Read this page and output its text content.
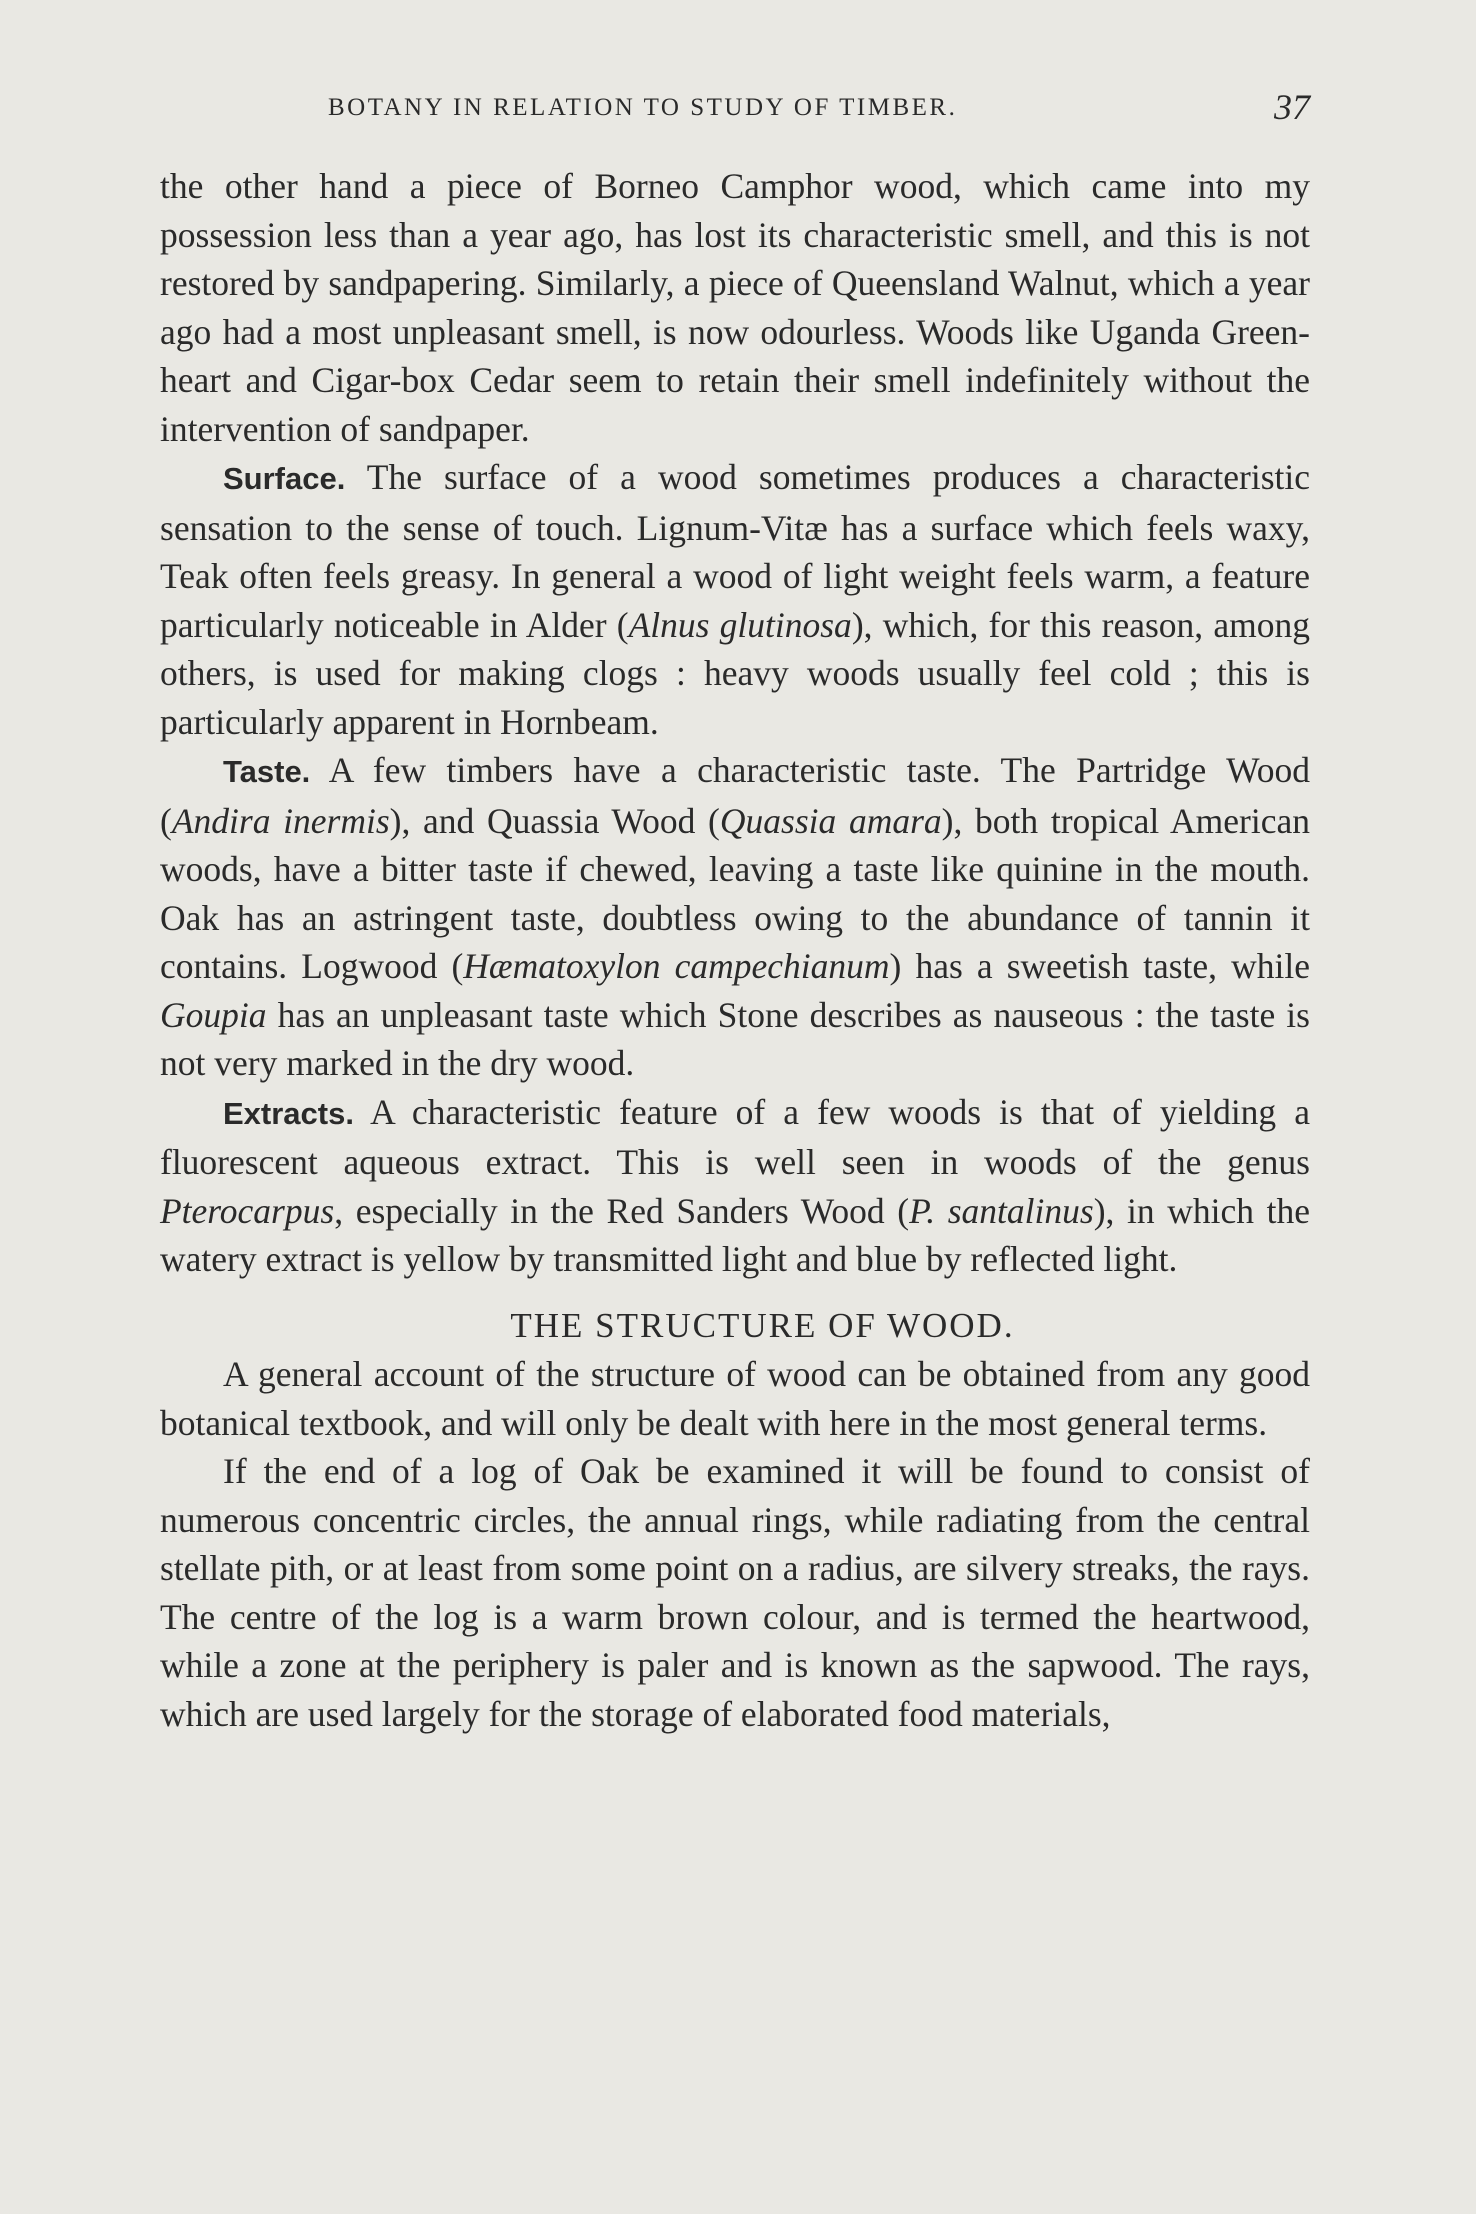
BOTANY IN RELATION TO STUDY OF TIMBER.	37

the other hand a piece of Borneo Camphor wood, which came into my possession less than a year ago, has lost its characteristic smell, and this is not restored by sandpapering. Similarly, a piece of Queensland Walnut, which a year ago had a most unpleasant smell, is now odourless. Woods like Uganda Green-heart and Cigar-box Cedar seem to retain their smell indefinitely without the intervention of sandpaper.

Surface. The surface of a wood sometimes produces a characteristic sensation to the sense of touch. Lignum-Vitæ has a surface which feels waxy, Teak often feels greasy. In general a wood of light weight feels warm, a feature particularly noticeable in Alder (Alnus glutinosa), which, for this reason, among others, is used for making clogs : heavy woods usually feel cold ; this is particularly apparent in Hornbeam.

Taste. A few timbers have a characteristic taste. The Partridge Wood (Andira inermis), and Quassia Wood (Quassia amara), both tropical American woods, have a bitter taste if chewed, leaving a taste like quinine in the mouth. Oak has an astringent taste, doubtless owing to the abundance of tannin it contains. Logwood (Hæmatoxylon campechianum) has a sweetish taste, while Goupia has an unpleasant taste which Stone describes as nauseous : the taste is not very marked in the dry wood.

Extracts. A characteristic feature of a few woods is that of yielding a fluorescent aqueous extract. This is well seen in woods of the genus Pterocarpus, especially in the Red Sanders Wood (P. santalinus), in which the watery extract is yellow by transmitted light and blue by reflected light.

THE STRUCTURE OF WOOD.

A general account of the structure of wood can be obtained from any good botanical textbook, and will only be dealt with here in the most general terms.

If the end of a log of Oak be examined it will be found to consist of numerous concentric circles, the annual rings, while radiating from the central stellate pith, or at least from some point on a radius, are silvery streaks, the rays. The centre of the log is a warm brown colour, and is termed the heartwood, while a zone at the periphery is paler and is known as the sapwood. The rays, which are used largely for the storage of elaborated food materials,
